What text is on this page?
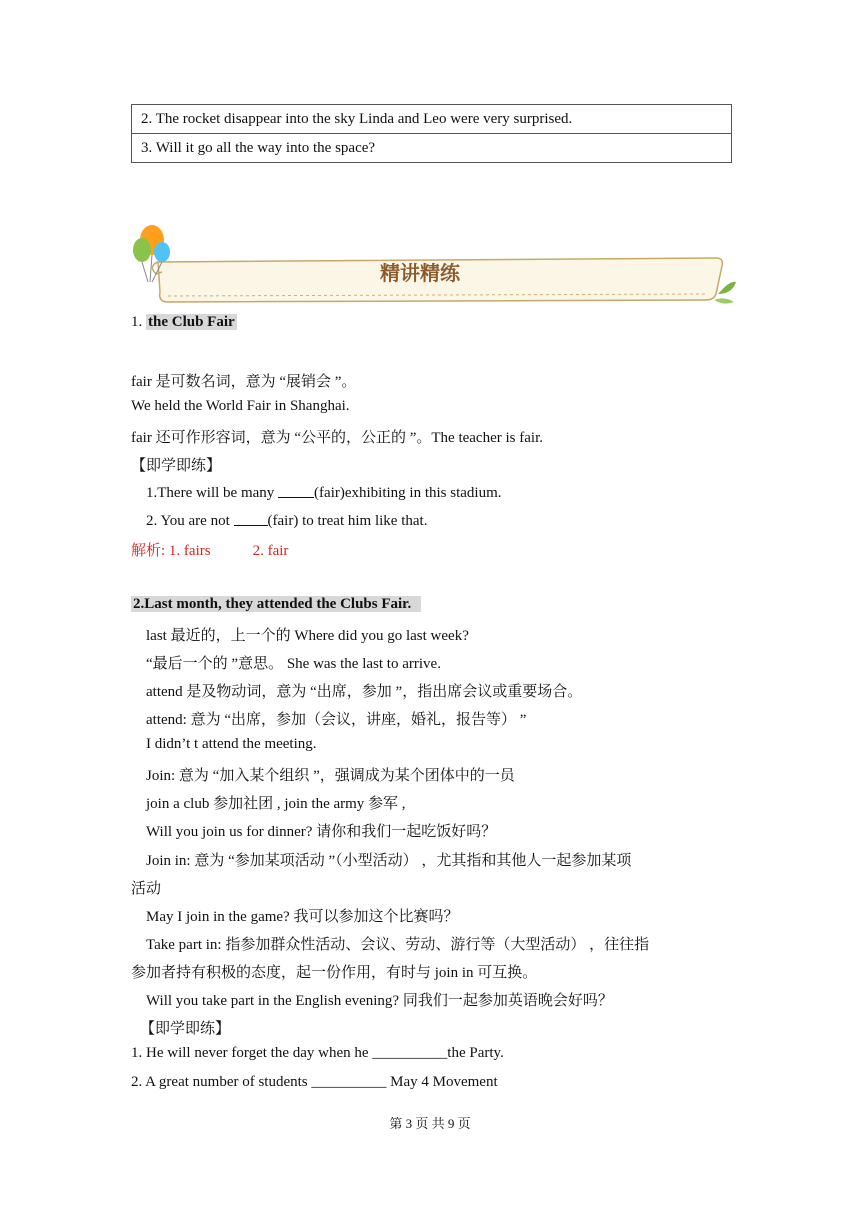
2. The rocket disappear into the sky Linda and Leo were very surprised.
3. Will it go all the way into the space?
精讲精练
1. the Club Fair
fair 是可数名词，意为 “展销会 ”。
We held the World Fair in Shanghai.
fair 还可作形容词，意为 “公平的，公正的 ”。The teacher is fair.
【即学即练】
1.There will be many (fair)exhibiting in this stadium.
2. You are not (fair) to treat him like that.
解析: 1. fairs	2. fair
2.Last month, they attended the Clubs Fair.
last 最近的，上一个的 Where did you go last week?
“最后一个的 ”意思。 She was the last to arrive.
attend 是及物动词，意为 “出席，参加 ”，指出席会议或重要场合。
attend: 意为 “出席，参加（会议，讲座，婚礼，报告等） ”
I didn’t t attend the meeting.
Join: 意为 “加入某个组织 ”，强调成为某个团体中的一员
join a club 参加社团 , join the army 参军 ,
Will you join us for dinner? 请你和我们一起吃饭好吗？
Join in: 意为 “参加某项活动 ”（小型活动） ，尤其指和其他人一起参加某项
活动
May I join in the game? 我可以参加这个比赛吗？
Take part in: 指参加群众性活动、会议、劳动、游行等（大型活动） ，往往指
参加者持有积极的态度，起一份作用，有时与 join in 可互换。
Will you take part in the English evening? 同我们一起参加英语晚会好吗？
【即学即练】
1. He will never forget the day when he __________the Party.
2. A great number of students __________ May 4 Movement
第 3 页 共 9 页
